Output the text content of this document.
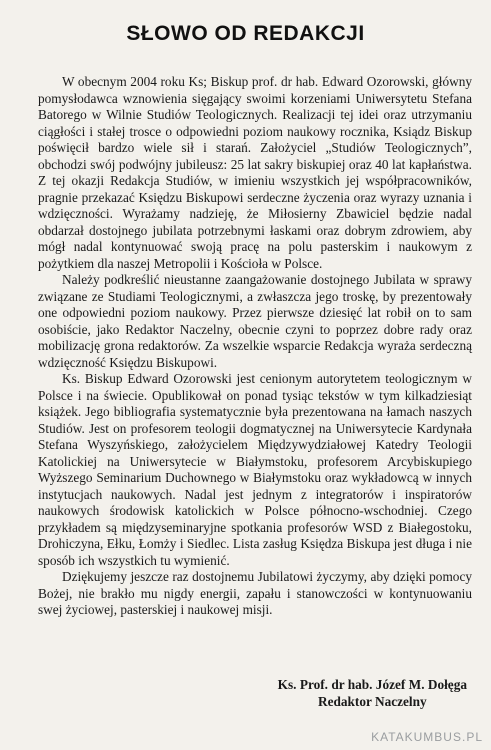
SŁOWO OD REDAKCJI

W obecnym 2004 roku Ks; Biskup prof. dr hab. Edward Ozorowski, główny pomysłodawca wznowienia sięgający swoimi korzeniami Uniwersytetu Stefana Batorego w Wilnie Studiów Teologicznych. Realizacji tej idei oraz utrzymaniu ciągłości i stałej trosce o odpowiedni poziom naukowy rocznika, Ksiądz Biskup poświęcił bardzo wiele sił i starań. Założyciel „Studiów Teologicznych”, obchodzi swój podwójny jubileusz: 25 lat sakry biskupiej oraz 40 lat kapłaństwa. Z tej okazji Redakcja Studiów, w imieniu wszystkich jej współpracowników, pragnie przekazać Księdzu Biskupowi serdeczne życzenia oraz wyrazy uznania i wdzięczności. Wyrażamy nadzieję, że Miłosierny Zbawiciel będzie nadal obdarzał dostojnego jubilata potrzebnymi łaskami oraz dobrym zdrowiem, aby mógł nadal kontynuować swoją pracę na polu pasterskim i naukowym z pożytkiem dla naszej Metropolii i Kościoła w Polsce.

Należy podkreślić nieustanne zaangażowanie dostojnego Jubilata w sprawy związane ze Studiami Teologicznymi, a zwłaszcza jego troskę, by prezentowały one odpowiedni poziom naukowy. Przez pierwsze dziesięć lat robił on to sam osobiście, jako Redaktor Naczelny, obecnie czyni to poprzez dobre rady oraz mobilizację grona redaktorów. Za wszelkie wsparcie Redakcja wyraża serdeczną wdzięczność Księdzu Biskupowi.

Ks. Biskup Edward Ozorowski jest cenionym autorytetem teologicznym w Polsce i na świecie. Opublikował on ponad tysiąc tekstów w tym kilkadziesiąt książek. Jego bibliografia systematycznie była prezentowana na łamach naszych Studiów. Jest on profesorem teologii dogmatycznej na Uniwersytecie Kardynała Stefana Wyszyńskiego, założycielem Międzywydziałowej Katedry Teologii Katolickiej na Uniwersytecie w Białymstoku, profesorem Arcybiskupiego Wyższego Seminarium Duchownego w Białymstoku oraz wykładowcą w innych instytucjach naukowych. Nadal jest jednym z integratorów i inspiratorów naukowych środowisk katolickich w Polsce północno-wschodniej. Czego przykładem są międzyseminaryjne spotkania profesorów WSD z Białegostoku, Drohiczyna, Ełku, Łomży i Siedlec. Lista zasług Księdza Biskupa jest długa i nie sposób ich wszystkich tu wymienić.

Dziękujemy jeszcze raz dostojnemu Jubilatowi życzymy, aby dzięki pomocy Bożej, nie brakło mu nigdy energii, zapału i stanowczości w kontynuowaniu swej życiowej, pasterskiej i naukowej misji.

Ks. Prof. dr hab. Józef M. Dołęga
Redaktor Naczelny
KATAKUMBUS.PL
